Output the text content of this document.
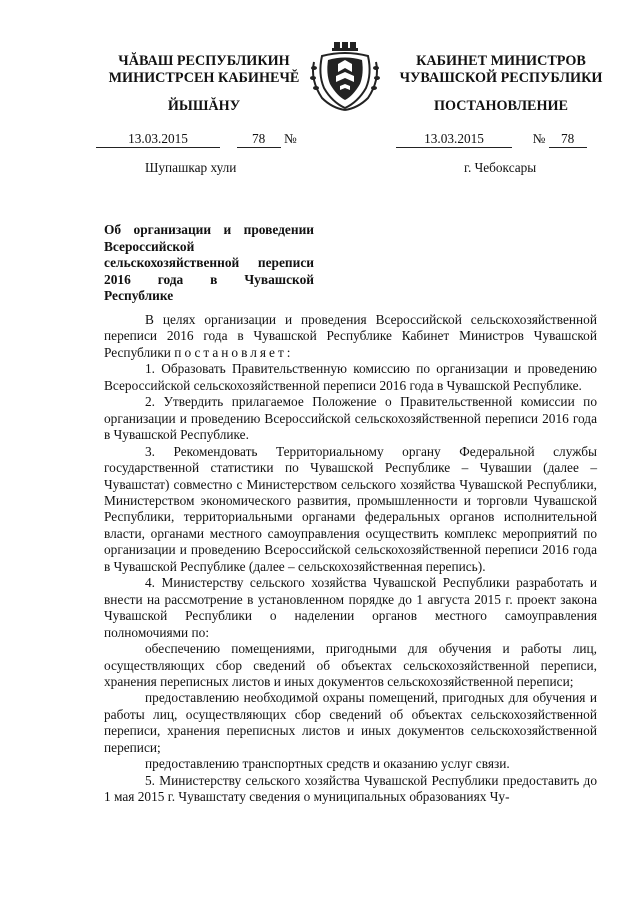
ЧĂВАШ РЕСПУБЛИКИН
МИНИСТРСЕН КАБИНЕЧĔ
ЙЫШĂНУ
КАБИНЕТ МИНИСТРОВ
ЧУВАШСКОЙ РЕСПУБЛИКИ
ПОСТАНОВЛЕНИЕ
13.03.2015	78 №	13.03.2015	№ 78
Шупашкар хули	г. Чебоксары
Об организации и проведении Всероссийской сельскохозяйственной переписи 2016 года в Чувашской Республике

В целях организации и проведения Всероссийской сельскохозяйственной переписи 2016 года в Чувашской Республике Кабинет Министров Чувашской Республики постановляет:

1. Образовать Правительственную комиссию по организации и проведению Всероссийской сельскохозяйственной переписи 2016 года в Чувашской Республике.

2. Утвердить прилагаемое Положение о Правительственной комиссии по организации и проведению Всероссийской сельскохозяйственной переписи 2016 года в Чувашской Республике.

3. Рекомендовать Территориальному органу Федеральной службы государственной статистики по Чувашской Республике – Чувашии (далее – Чувашстат) совместно с Министерством сельского хозяйства Чувашской Республики, Министерством экономического развития, промышленности и торговли Чувашской Республики, территориальными органами федеральных органов исполнительной власти, органами местного самоуправления осуществить комплекс мероприятий по организации и проведению Всероссийской сельскохозяйственной переписи 2016 года в Чувашской Республике (далее – сельскохозяйственная перепись).

4. Министерству сельского хозяйства Чувашской Республики разработать и внести на рассмотрение в установленном порядке до 1 августа 2015 г. проект закона Чувашской Республики о наделении органов местного самоуправления полномочиями по:

обеспечению помещениями, пригодными для обучения и работы лиц, осуществляющих сбор сведений об объектах сельскохозяйственной переписи, хранения переписных листов и иных документов сельскохозяйственной переписи;

предоставлению необходимой охраны помещений, пригодных для обучения и работы лиц, осуществляющих сбор сведений об объектах сельскохозяйственной переписи, хранения переписных листов и иных документов сельскохозяйственной переписи;

предоставлению транспортных средств и оказанию услуг связи.

5. Министерству сельского хозяйства Чувашской Республики предоставить до 1 мая 2015 г. Чувашстату сведения о муниципальных образованиях Чу-
